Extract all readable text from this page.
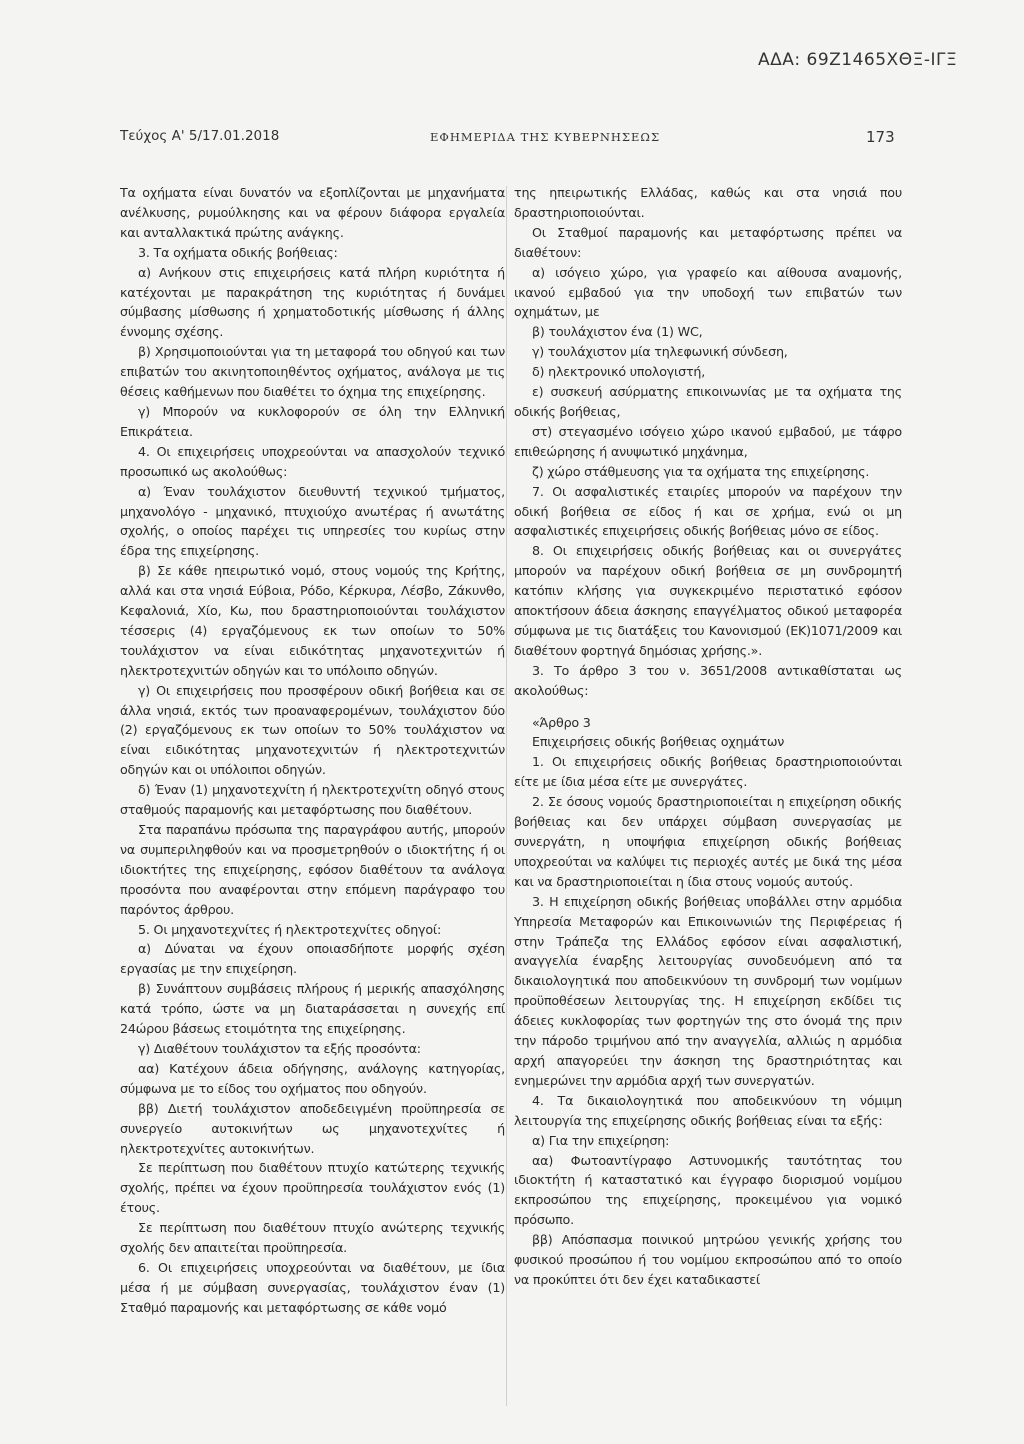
ΑΔΑ: 69Ζ1465ΧΘΞ-ΙΓΞ
Τεύχος Α' 5/17.01.2018	ΕΦΗΜΕΡΙΔΑ ΤΗΣ ΚΥΒΕΡΝΗΣΕΩΣ	173

Τα οχήματα είναι δυνατόν να εξοπλίζονται με μηχανήματα ανέλκυσης, ρυμούλκησης και να φέρουν διάφορα εργαλεία και ανταλλακτικά πρώτης ανάγκης.

3. Τα οχήματα οδικής βοήθειας:

α) Ανήκουν στις επιχειρήσεις κατά πλήρη κυριότητα ή κατέχονται με παρακράτηση της κυριότητας ή δυνάμει σύμβασης μίσθωσης ή χρηματοδοτικής μίσθωσης ή άλλης έννομης σχέσης.

β) Χρησιμοποιούνται για τη μεταφορά του οδηγού και των επιβατών του ακινητοποιηθέντος οχήματος, ανάλογα με τις θέσεις καθήμενων που διαθέτει το όχημα της επιχείρησης.

γ) Μπορούν να κυκλοφορούν σε όλη την Ελληνική Επικράτεια.

4. Οι επιχειρήσεις υποχρεούνται να απασχολούν τεχνικό προσωπικό ως ακολούθως:

α) Έναν τουλάχιστον διευθυντή τεχνικού τμήματος, μηχανολόγο - μηχανικό, πτυχιούχο ανωτέρας ή ανωτάτης σχολής, ο οποίος παρέχει τις υπηρεσίες του κυρίως στην έδρα της επιχείρησης.

β) Σε κάθε ηπειρωτικό νομό, στους νομούς της Κρήτης, αλλά και στα νησιά Εύβοια, Ρόδο, Κέρκυρα, Λέσβο, Ζάκυνθο, Κεφαλονιά, Χίο, Κω, που δραστηριοποιούνται τουλάχιστον τέσσερις (4) εργαζόμενους εκ των οποίων το 50% τουλάχιστον να είναι ειδικότητας μηχανοτεχνιτών ή ηλεκτροτεχνιτών οδηγών και το υπόλοιπο οδηγών.

γ) Οι επιχειρήσεις που προσφέρουν οδική βοήθεια και σε άλλα νησιά, εκτός των προαναφερομένων, τουλάχιστον δύο (2) εργαζόμενους εκ των οποίων το 50% τουλάχιστον να είναι ειδικότητας μηχανοτεχνιτών ή ηλεκτροτεχνιτών οδηγών και οι υπόλοιποι οδηγών.

δ) Έναν (1) μηχανοτεχνίτη ή ηλεκτροτεχνίτη οδηγό στους σταθμούς παραμονής και μεταφόρτωσης που διαθέτουν.

Στα παραπάνω πρόσωπα της παραγράφου αυτής, μπορούν να συμπεριληφθούν και να προσμετρηθούν ο ιδιοκτήτης ή οι ιδιοκτήτες της επιχείρησης, εφόσον διαθέτουν τα ανάλογα προσόντα που αναφέρονται στην επόμενη παράγραφο του παρόντος άρθρου.

5. Οι μηχανοτεχνίτες ή ηλεκτροτεχνίτες οδηγοί:

α) Δύναται να έχουν οποιασδήποτε μορφής σχέση εργασίας με την επιχείρηση.

β) Συνάπτουν συμβάσεις πλήρους ή μερικής απασχόλησης κατά τρόπο, ώστε να μη διαταράσσεται η συνεχής επί 24ώρου βάσεως ετοιμότητα της επιχείρησης.

γ) Διαθέτουν τουλάχιστον τα εξής προσόντα:

αα) Κατέχουν άδεια οδήγησης, ανάλογης κατηγορίας, σύμφωνα με το είδος του οχήματος που οδηγούν.

ββ) Διετή τουλάχιστον αποδεδειγμένη προϋπηρεσία σε συνεργείο αυτοκινήτων ως μηχανοτεχνίτες ή ηλεκτροτεχνίτες αυτοκινήτων.

Σε περίπτωση που διαθέτουν πτυχίο κατώτερης τεχνικής σχολής, πρέπει να έχουν προϋπηρεσία τουλάχιστον ενός (1) έτους.

Σε περίπτωση που διαθέτουν πτυχίο ανώτερης τεχνικής σχολής δεν απαιτείται προϋπηρεσία.

6. Οι επιχειρήσεις υποχρεούνται να διαθέτουν, με ίδια μέσα ή με σύμβαση συνεργασίας, τουλάχιστον έναν (1) Σταθμό παραμονής και μεταφόρτωσης σε κάθε νομό

της ηπειρωτικής Ελλάδας, καθώς και στα νησιά που δραστηριοποιούνται.

Οι Σταθμοί παραμονής και μεταφόρτωσης πρέπει να διαθέτουν:

α) ισόγειο χώρο, για γραφείο και αίθουσα αναμονής, ικανού εμβαδού για την υποδοχή των επιβατών των οχημάτων, με

β) τουλάχιστον ένα (1) WC,

γ) τουλάχιστον μία τηλεφωνική σύνδεση,

δ) ηλεκτρονικό υπολογιστή,

ε) συσκευή ασύρματης επικοινωνίας με τα οχήματα της οδικής βοήθειας,

στ) στεγασμένο ισόγειο χώρο ικανού εμβαδού, με τάφρο επιθεώρησης ή ανυψωτικό μηχάνημα,

ζ) χώρο στάθμευσης για τα οχήματα της επιχείρησης.

7. Οι ασφαλιστικές εταιρίες μπορούν να παρέχουν την οδική βοήθεια σε είδος ή και σε χρήμα, ενώ οι μη ασφαλιστικές επιχειρήσεις οδικής βοήθειας μόνο σε είδος.

8. Οι επιχειρήσεις οδικής βοήθειας και οι συνεργάτες μπορούν να παρέχουν οδική βοήθεια σε μη συνδρομητή κατόπιν κλήσης για συγκεκριμένο περιστατικό εφόσον αποκτήσουν άδεια άσκησης επαγγέλματος οδικού μεταφορέα σύμφωνα με τις διατάξεις του Κανονισμού (ΕΚ)1071/2009 και διαθέτουν φορτηγά δημόσιας χρήσης.».

3. Το άρθρο 3 του ν. 3651/2008 αντικαθίσταται ως ακολούθως:

«Άρθρο 3

Επιχειρήσεις οδικής βοήθειας οχημάτων

1. Οι επιχειρήσεις οδικής βοήθειας δραστηριοποιούνται είτε με ίδια μέσα είτε με συνεργάτες.

2. Σε όσους νομούς δραστηριοποιείται η επιχείρηση οδικής βοήθειας και δεν υπάρχει σύμβαση συνεργασίας με συνεργάτη, η υποψήφια επιχείρηση οδικής βοήθειας υποχρεούται να καλύψει τις περιοχές αυτές με δικά της μέσα και να δραστηριοποιείται η ίδια στους νομούς αυτούς.

3. Η επιχείρηση οδικής βοήθειας υποβάλλει στην αρμόδια Υπηρεσία Μεταφορών και Επικοινωνιών της Περιφέρειας ή στην Τράπεζα της Ελλάδος εφόσον είναι ασφαλιστική, αναγγελία έναρξης λειτουργίας συνοδευόμενη από τα δικαιολογητικά που αποδεικνύουν τη συνδρομή των νομίμων προϋποθέσεων λειτουργίας της. Η επιχείρηση εκδίδει τις άδειες κυκλοφορίας των φορτηγών της στο όνομά της πριν την πάροδο τριμήνου από την αναγγελία, αλλιώς η αρμόδια αρχή απαγορεύει την άσκηση της δραστηριότητας και ενημερώνει την αρμόδια αρχή των συνεργατών.

4. Τα δικαιολογητικά που αποδεικνύουν τη νόμιμη λειτουργία της επιχείρησης οδικής βοήθειας είναι τα εξής:

α) Για την επιχείρηση:

αα) Φωτοαντίγραφο Αστυνομικής ταυτότητας του ιδιοκτήτη ή καταστατικό και έγγραφο διορισμού νομίμου εκπροσώπου της επιχείρησης, προκειμένου για νομικό πρόσωπο.

ββ) Απόσπασμα ποινικού μητρώου γενικής χρήσης του φυσικού προσώπου ή του νομίμου εκπροσώπου από το οποίο να προκύπτει ότι δεν έχει καταδικαστεί
